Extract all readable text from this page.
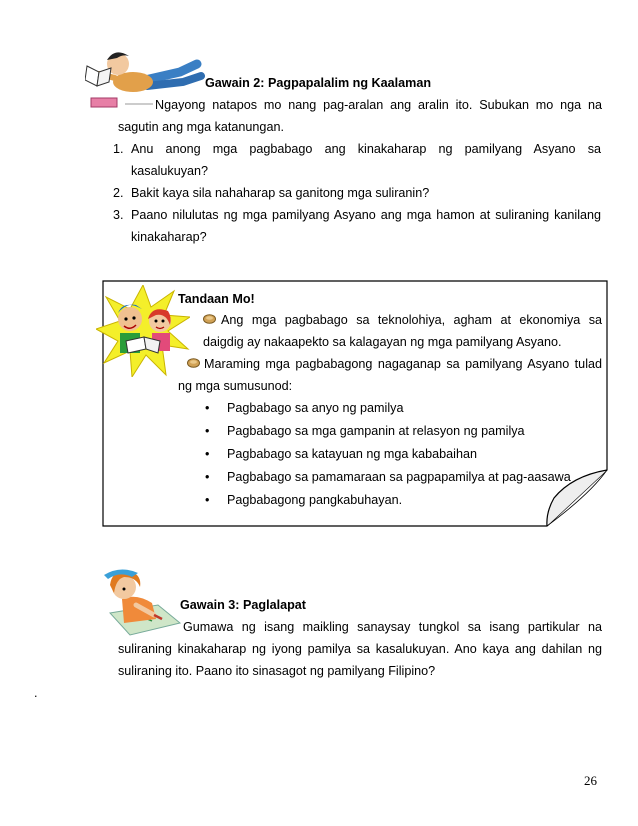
Gawain 2: Pagpapalalim ng Kaalaman
Ngayong natapos mo nang pag-aralan ang aralin ito. Subukan mo nga na sagutin ang mga katanungan.
1. Anu anong mga pagbabago ang kinakaharap ng pamilyang Asyano sa kasalukuyan?
2. Bakit kaya sila nahaharap sa ganitong mga suliranin?
3. Paano nilulutas ng mga pamilyang Asyano ang mga hamon at suliraning kanilang kinakaharap?
Tandaan Mo!
Ang mga pagbabago sa teknolohiya, agham at ekonomiya sa daigdig ay nakaapekto sa kalagayan ng mga pamilyang Asyano.
Maraming mga pagbabagong nagaganap sa pamilyang Asyano tulad ng mga sumusunod:
• Pagbabago sa anyo ng pamilya
• Pagbabago sa mga gampanin at relasyon ng pamilya
• Pagbabago sa katayuan ng mga kababaihan
• Pagbabago sa pamamaraan sa pagpapamilya at pag-aasawa
• Pagbabagong pangkabuhayan.
Gawain 3: Paglalapat
Gumawa ng isang maikling sanaysay tungkol sa isang partikular na suliraning kinakaharap ng iyong pamilya sa kasalukuyan. Ano kaya ang dahilan ng suliraning ito. Paano ito sinasagot ng pamilyang Filipino?
.
26
